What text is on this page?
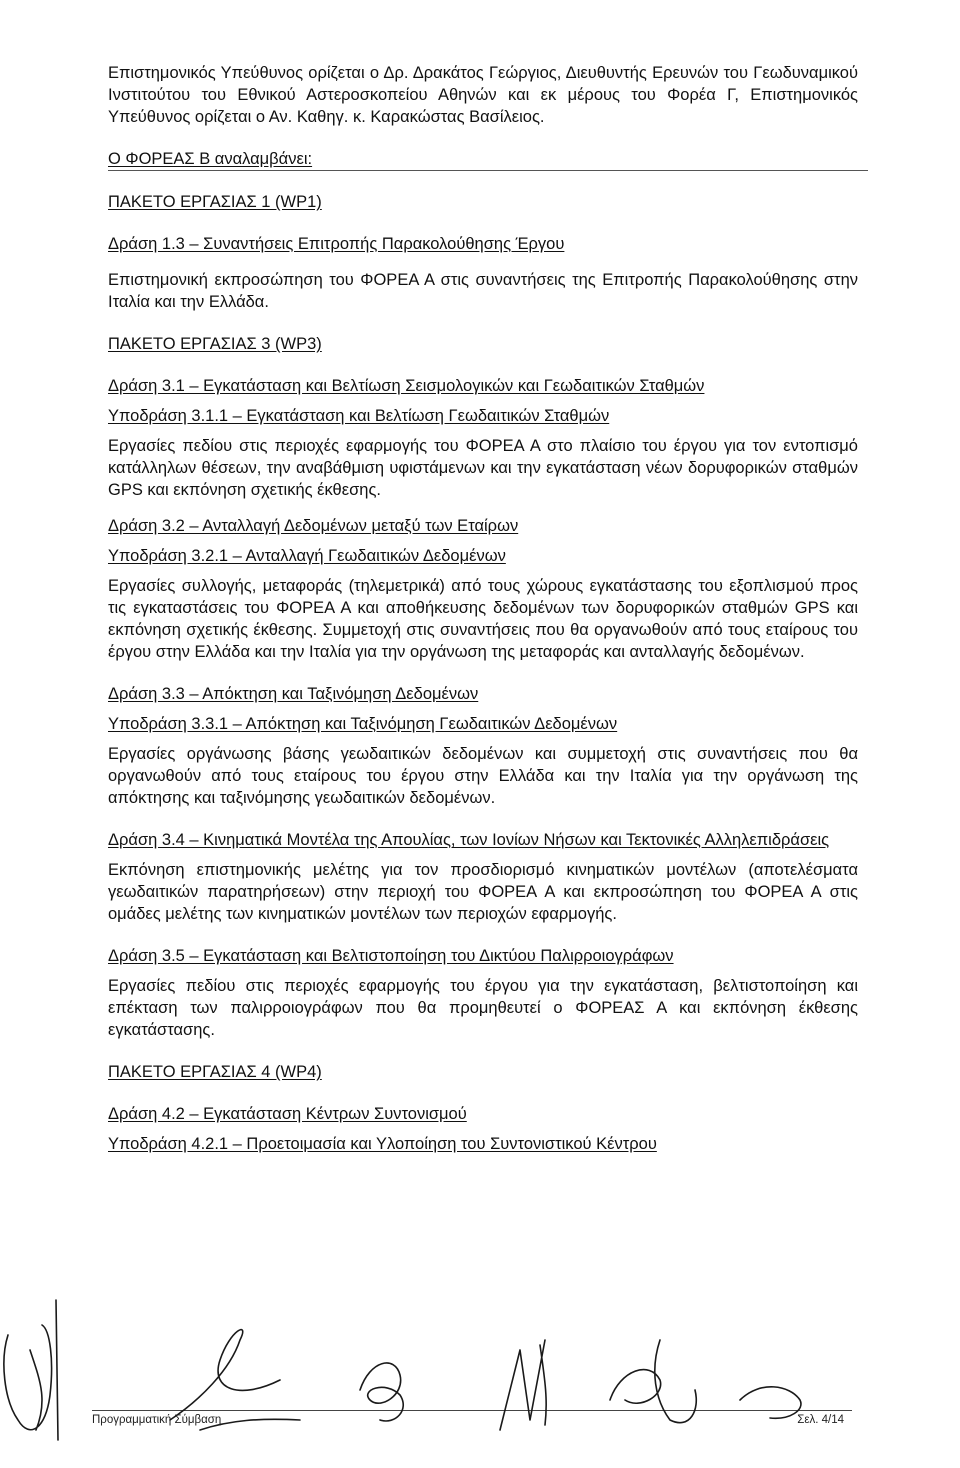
Επιστημονικός Υπεύθυνος ορίζεται ο Δρ. Δρακάτος Γεώργιος, Διευθυντής Ερευνών του Γεωδυναμικού Ινστιτούτου του Εθνικού Αστεροσκοπείου Αθηνών και εκ μέρους του Φορέα Γ, Επιστημονικός Υπεύθυνος ορίζεται ο Αν. Καθηγ. κ. Καρακώστας Βασίλειος.

Ο ΦΟΡΕΑΣ Β αναλαμβάνει:

ΠΑΚΕΤΟ ΕΡΓΑΣΙΑΣ 1 (WP1)

Δράση 1.3 – Συναντήσεις Επιτροπής Παρακολούθησης Έργου

Επιστημονική εκπροσώπηση του ΦΟΡΕΑ Α στις συναντήσεις της Επιτροπής Παρακολούθησης στην Ιταλία και την Ελλάδα.

ΠΑΚΕΤΟ ΕΡΓΑΣΙΑΣ 3 (WP3)

Δράση 3.1 – Εγκατάσταση και Βελτίωση Σεισμολογικών και Γεωδαιτικών Σταθμών

Υποδράση 3.1.1 – Εγκατάσταση και Βελτίωση Γεωδαιτικών Σταθμών

Εργασίες πεδίου στις περιοχές εφαρμογής του ΦΟΡΕΑ Α στο πλαίσιο του έργου για τον εντοπισμό κατάλληλων θέσεων, την αναβάθμιση υφιστάμενων και την εγκατάσταση νέων δορυφορικών σταθμών GPS και εκπόνηση σχετικής έκθεσης.

Δράση 3.2 – Ανταλλαγή Δεδομένων μεταξύ των Εταίρων

Υποδράση 3.2.1 – Ανταλλαγή Γεωδαιτικών Δεδομένων

Εργασίες συλλογής, μεταφοράς (τηλεμετρικά) από τους χώρους εγκατάστασης του εξοπλισμού προς τις εγκαταστάσεις του ΦΟΡΕΑ Α και αποθήκευσης δεδομένων των δορυφορικών σταθμών GPS και εκπόνηση σχετικής έκθεσης. Συμμετοχή στις συναντήσεις που θα οργανωθούν από τους εταίρους του έργου στην Ελλάδα και την Ιταλία για την οργάνωση της μεταφοράς και ανταλλαγής δεδομένων.

Δράση 3.3 – Απόκτηση και Ταξινόμηση Δεδομένων

Υποδράση 3.3.1 – Απόκτηση και Ταξινόμηση Γεωδαιτικών Δεδομένων

Εργασίες οργάνωσης βάσης γεωδαιτικών δεδομένων και συμμετοχή στις συναντήσεις που θα οργανωθούν από τους εταίρους του έργου στην Ελλάδα και την Ιταλία για την οργάνωση της απόκτησης και ταξινόμησης γεωδαιτικών δεδομένων.

Δράση 3.4 – Κινηματικά Μοντέλα της Απουλίας, των Ιονίων Νήσων και Τεκτονικές Αλληλεπιδράσεις

Εκπόνηση επιστημονικής μελέτης για τον προσδιορισμό κινηματικών μοντέλων (αποτελέσματα γεωδαιτικών παρατηρήσεων) στην περιοχή του ΦΟΡΕΑ Α και εκπροσώπηση του ΦΟΡΕΑ Α στις ομάδες μελέτης των κινηματικών μοντέλων των περιοχών εφαρμογής.

Δράση 3.5 – Εγκατάσταση και Βελτιστοποίηση του Δικτύου Παλιρροιογράφων

Εργασίες πεδίου στις περιοχές εφαρμογής του έργου για την εγκατάσταση, βελτιστοποίηση και επέκταση των παλιρροιογράφων που θα προμηθευτεί ο ΦΟΡΕΑΣ Α και εκπόνηση έκθεσης εγκατάστασης.

ΠΑΚΕΤΟ ΕΡΓΑΣΙΑΣ 4 (WP4)

Δράση 4.2 – Εγκατάσταση Κέντρων Συντονισμού

Υποδράση 4.2.1 – Προετοιμασία και Υλοποίηση του Συντονιστικού Κέντρου

Προγραμματική Σύμβαση	Σελ. 4/14
